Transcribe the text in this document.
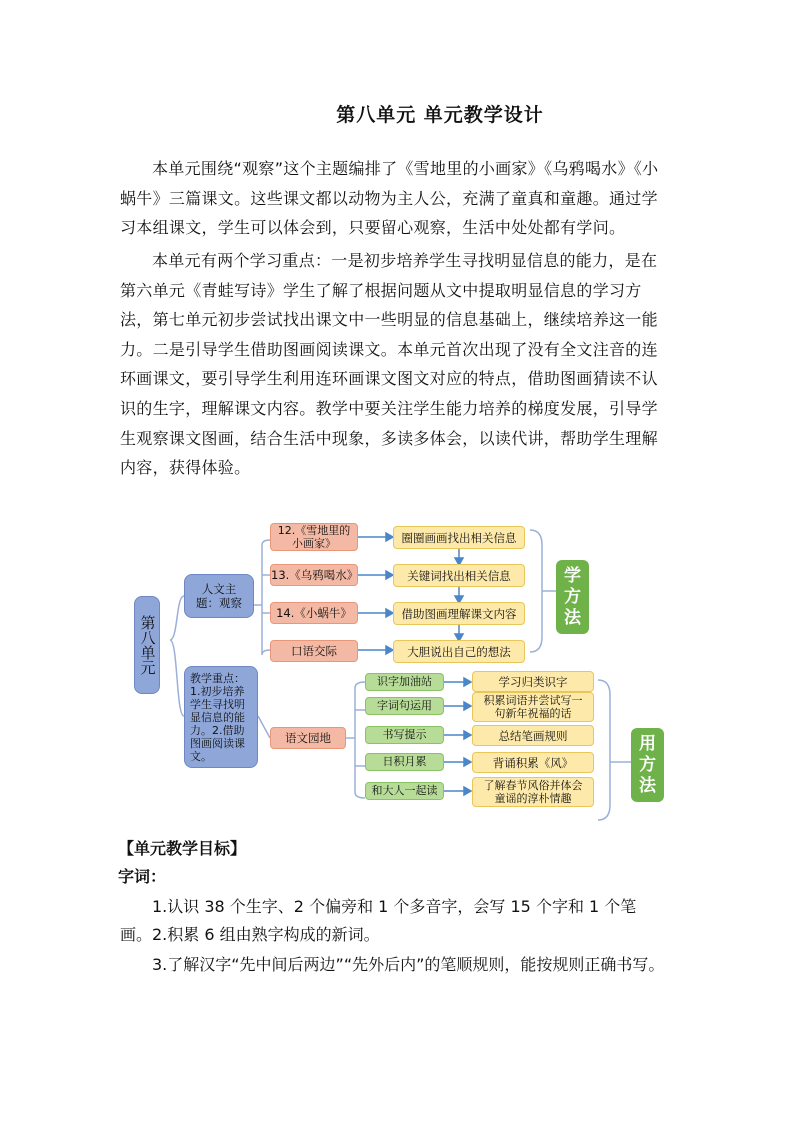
第八单元 单元教学设计
本单元围绕“观察”这个主题编排了《雪地里的小画家》《乌鸦喝水》《小蜗牛》三篇课文。这些课文都以动物为主人公，充满了童真和童趣。通过学习本组课文，学生可以体会到，只要留心观察，生活中处处都有学问。
本单元有两个学习重点：一是初步培养学生寻找明显信息的能力，是在第六单元《青蛙写诗》学生了解了根据问题从文中提取明显信息的学习方法，第七单元初步尝试找出课文中一些明显的信息基础上，继续培养这一能力。二是引导学生借助图画阅读课文。本单元首次出现了没有全文注音的连环画课文，要引导学生利用连环画课文图文对应的特点，借助图画猜读不认识的生字，理解课文内容。教学中要关注学生能力培养的梯度发展，引导学生观察课文图画，结合生活中现象，多读多体会，以读代讲，帮助学生理解内容，获得体验。
第八单元
人文主题：观察
教学重点：1.初步培养学生寻找明显信息的能力。2.借助图画阅读课文。
12.《雪地里的小画家》
13.《乌鸦喝水》
14.《小蜗牛》
口语交际
圈圈画画找出相关信息
关键词找出相关信息
借助图画理解课文内容
大胆说出自己的想法
学方法
语文园地
识字加油站
字词句运用
书写提示
日积月累
和大人一起读
学习归类识字
积累词语并尝试写一句新年祝福的话
总结笔画规则
背诵积累《风》
了解春节风俗并体会童谣的淳朴情趣
用方法
【单元教学目标】
字词：
1.认识 38 个生字、2 个偏旁和 1 个多音字，会写 15 个字和 1 个笔画。 2.积累 6 组由熟字构成的新词。
3.了解汉字“先中间后两边”“先外后内”的笔顺规则，能按规则正确书写。
